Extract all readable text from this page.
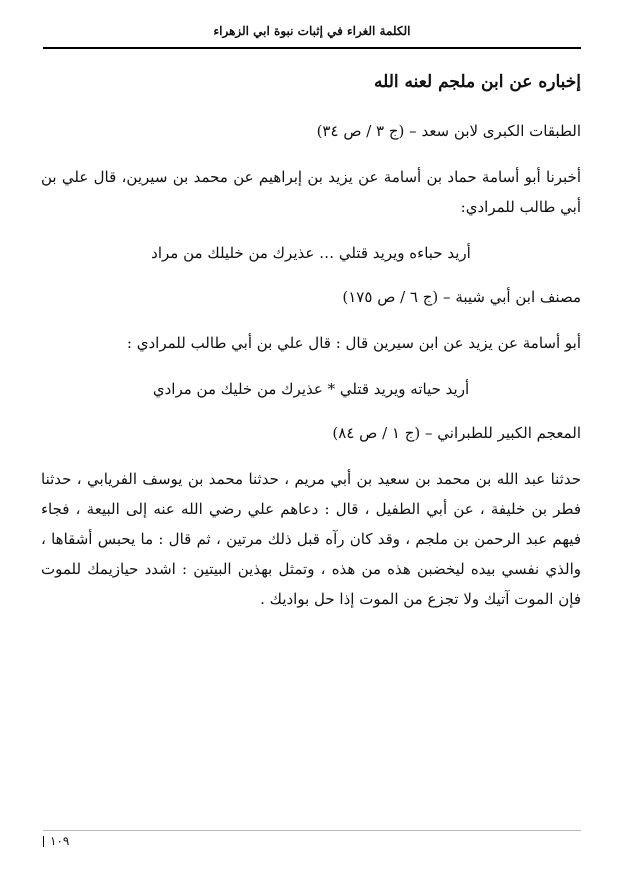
الكلمة الغراء في إثبات نبوة ابي الزهراء
إخباره عن ابن ملجم لعنه الله
الطبقات الكبرى لابن سعد – (ج ٣ / ص ٣٤)
أخبرنا أبو أسامة حماد بن أسامة عن يزيد بن إبراهيم عن محمد بن سيرين، قال علي بن أبي طالب للمرادي:
أريد حباءه ويريد قتلي … عذيرك من خليلك من مراد
مصنف ابن أبي شيبة – (ج ٦ / ص ١٧٥)
أبو أسامة عن يزيد عن ابن سيرين قال : قال علي بن أبي طالب للمرادي :
أريد حياته ويريد قتلي * عذيرك من خليك من مرادي
المعجم الكبير للطبراني – (ج ١ / ص ٨٤)
حدثنا عبد الله بن محمد بن سعيد بن أبي مريم ، حدثنا محمد بن يوسف الفريابي ، حدثنا فطر بن خليفة ، عن أبي الطفيل ، قال : دعاهم علي رضي الله عنه إلى البيعة ، فجاء فيهم عبد الرحمن بن ملجم ، وقد كان رآه قبل ذلك مرتين ، ثم قال : ما يحبس أشقاها ، والذي نفسي بيده ليخضبن هذه من هذه ، وتمثل بهذين البيتين : اشدد حيازيمك للموت فإن الموت آتيك ولا تجزع من الموت إذا حل بواديك .
١٠٩
